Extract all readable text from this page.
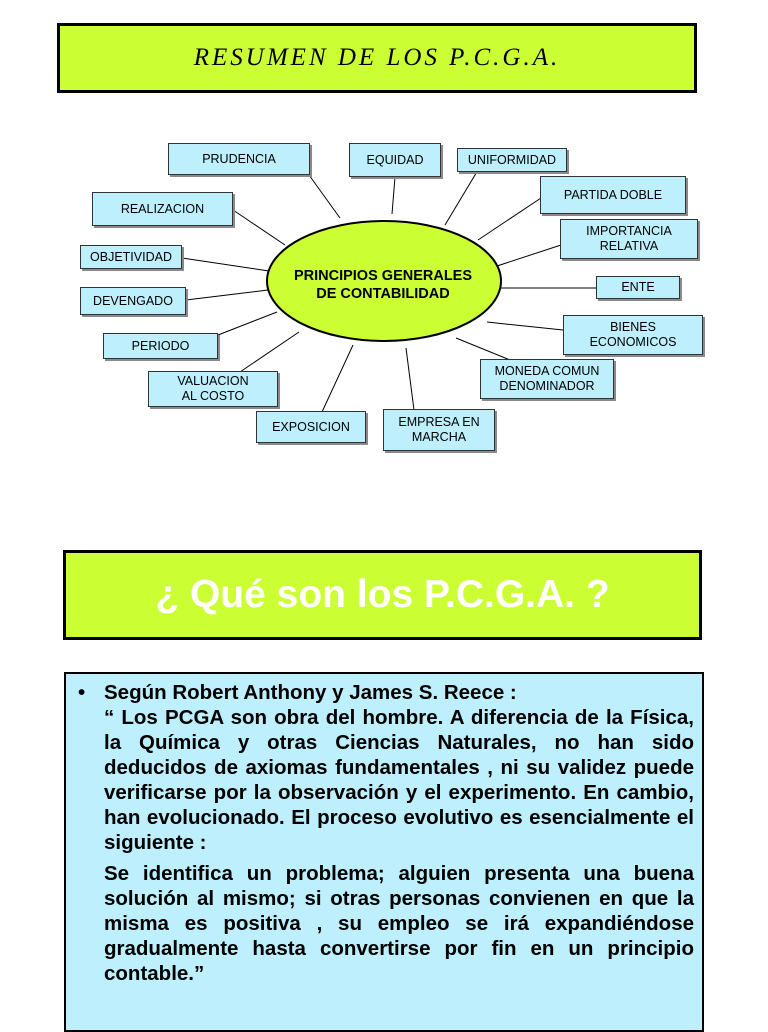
RESUMEN DE LOS P.C.G.A.
PRINCIPIOS GENERALES
DE CONTABILIDAD
PRUDENCIA	EQUIDAD	UNIFORMIDAD
PARTIDA DOBLE
IMPORTANCIA
RELATIVA
ENTE
BIENES
ECONOMICOS
MONEDA COMUN
DENOMINADOR
EMPRESA EN
MARCHA
EXPOSICION
VALUACION
AL COSTO
PERIODO
DEVENGADO
OBJETIVIDAD
REALIZACION
¿ Qué son los P.C.G.A. ?
• Según Robert Anthony y James S. Reece :
“ Los PCGA son obra del hombre. A diferencia de la Física, la Química y otras Ciencias Naturales, no han sido deducidos de axiomas fundamentales , ni su validez puede verificarse por la observación y el experimento. En cambio, han evolucionado. El proceso evolutivo es esencialmente el siguiente :
Se identifica un problema; alguien presenta una buena solución al mismo; si otras personas convienen en que la misma es positiva , su empleo se irá expandiéndose gradualmente hasta convertirse por fin en un principio contable.”
